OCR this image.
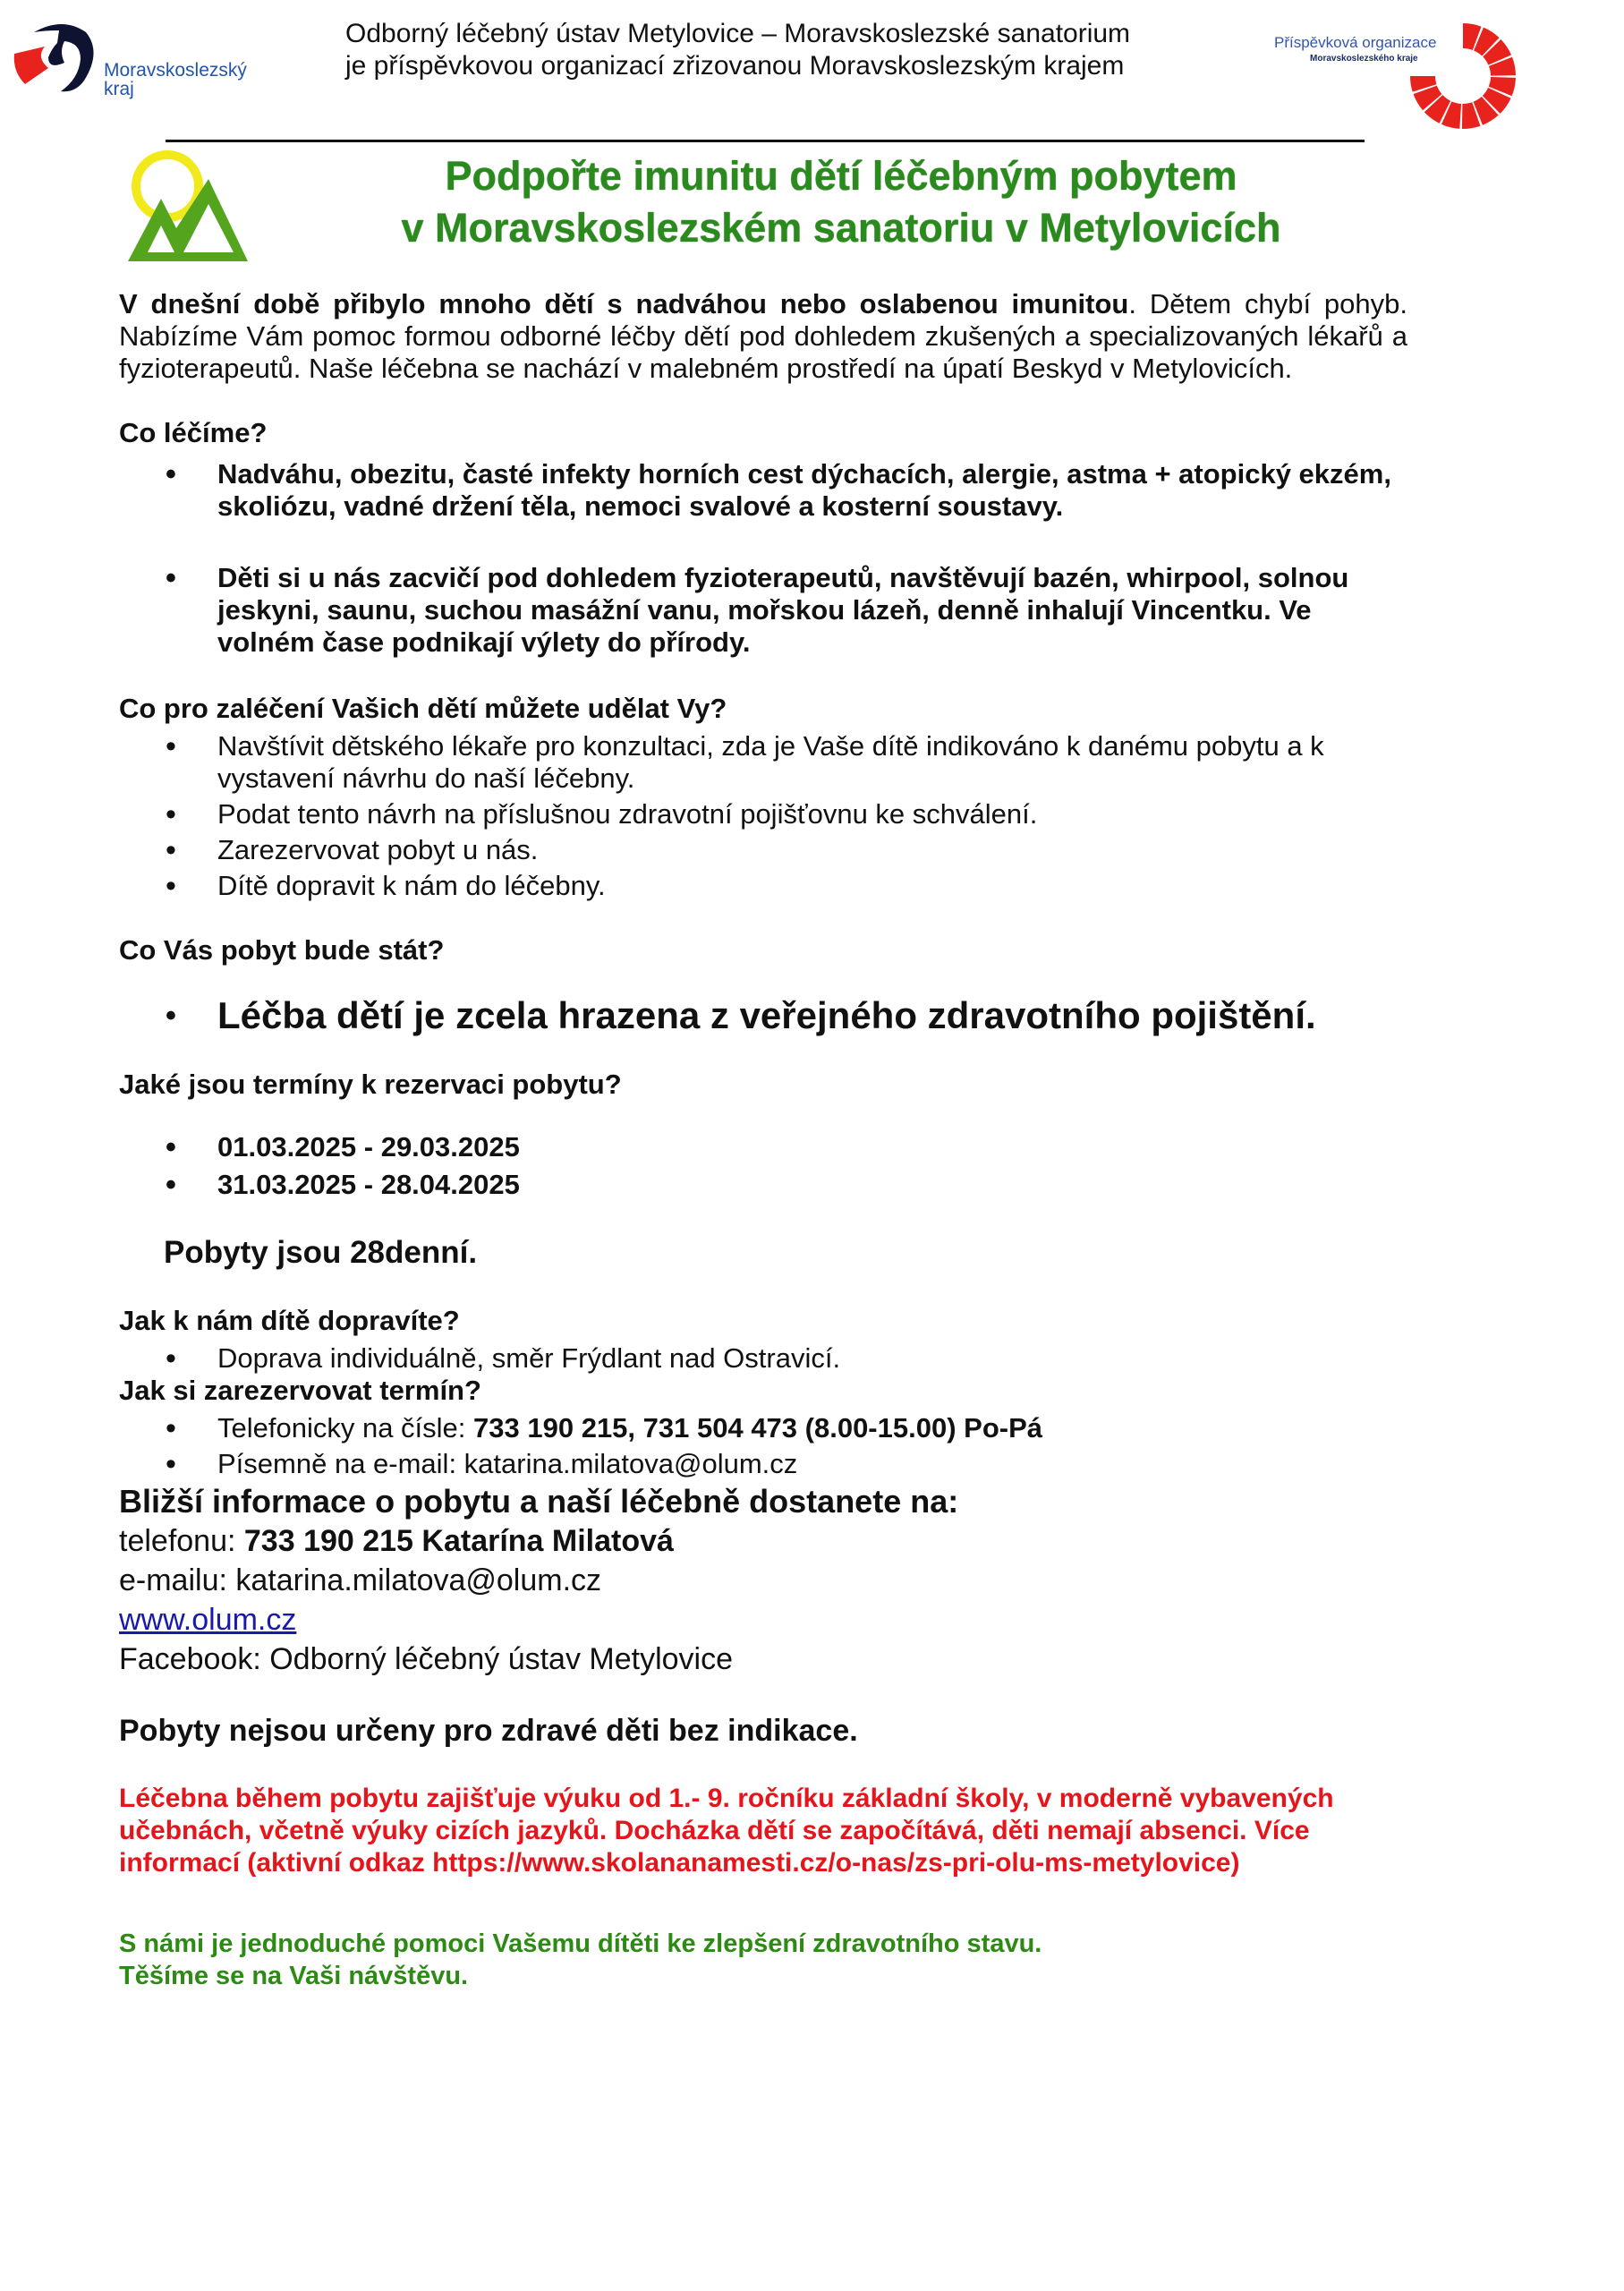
Moravskoslezský
kraj
Odborný léčebný ústav Metylovice – Moravskoslezské sanatorium
je příspěvkovou organizací zřizovanou Moravskoslezským krajem
Příspěvková organizace
Moravskoslezského kraje
Podpořte imunitu dětí léčebným pobytem
v Moravskoslezském sanatoriu v Metylovicích

V dnešní době přibylo mnoho dětí s nadváhou nebo oslabenou imunitou. Dětem chybí pohyb. Nabízíme Vám pomoc formou odborné léčby dětí pod dohledem zkušených a specializovaných lékařů a fyzioterapeutů. Naše léčebna se nachází v malebném prostředí na úpatí Beskyd v Metylovicích.

Co léčíme?
• Nadváhu, obezitu, časté infekty horních cest dýchacích, alergie, astma + atopický ekzém, skoliózu, vadné držení těla, nemoci svalové a kosterní soustavy.
• Děti si u nás zacvičí pod dohledem fyzioterapeutů, navštěvují bazén, whirpool, solnou jeskyni, saunu, suchou masážní vanu, mořskou lázeň, denně inhalují Vincentku. Ve volném čase podnikají výlety do přírody.
Co pro zaléčení Vašich dětí můžete udělat Vy?
• Navštívit dětského lékaře pro konzultaci, zda je Vaše dítě indikováno k danému pobytu a k vystavení návrhu do naší léčebny.
• Podat tento návrh na příslušnou zdravotní pojišťovnu ke schválení.
• Zarezervovat pobyt u nás.
• Dítě dopravit k nám do léčebny.
Co Vás pobyt bude stát?
• Léčba dětí je zcela hrazena z veřejného zdravotního pojištění.
Jaké jsou termíny k rezervaci pobytu?
• 01.03.2025 - 29.03.2025
• 31.03.2025 - 28.04.2025

Pobyty jsou 28denní.

Jak k nám dítě dopravíte?
• Doprava individuálně, směr Frýdlant nad Ostravicí.
Jak si zarezervovat termín?
• Telefonicky na čísle: 733 190 215, 731 504 473 (8.00-15.00) Po-Pá
• Písemně na e-mail: katarina.milatova@olum.cz

Bližší informace o pobytu a naší léčebně dostanete na:

telefonu: 733 190 215 Katarína Milatová
e-mailu: katarina.milatova@olum.cz
www.olum.cz
Facebook: Odborný léčebný ústav Metylovice

Pobyty nejsou určeny pro zdravé děti bez indikace.

Léčebna během pobytu zajišťuje výuku od 1.- 9. ročníku základní školy, v moderně vybavených učebnách, včetně výuky cizích jazyků. Docházka dětí se započítává, děti nemají absenci. Více informací (aktivní odkaz https://www.skolananamesti.cz/o-nas/zs-pri-olu-ms-metylovice)

S námi je jednoduché pomoci Vašemu dítěti ke zlepšení zdravotního stavu.
Těšíme se na Vaši návštěvu.
